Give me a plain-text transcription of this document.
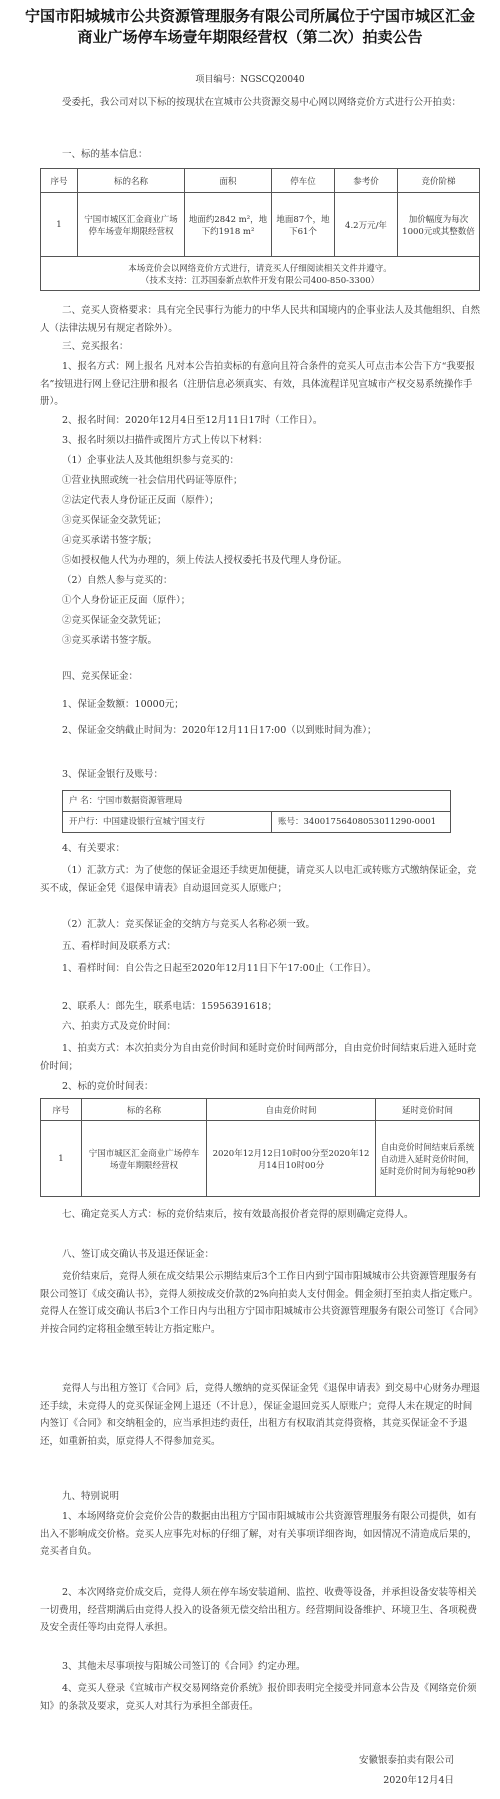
宁国市阳城城市公共资源管理服务有限公司所属位于宁国市城区汇金商业广场停车场壹年期限经营权（第二次）拍卖公告
项目编号：NGSCQ20040
受委托，我公司对以下标的按现状在宣城市公共资源交易中心网以网络竞价方式进行公开拍卖：
一、标的基本信息：
序号	标的名称	面积	停车位	参考价	竞价阶梯
1	宁国市城区汇金商业广场停车场壹年期限经营权	地面约2842 m²，地下约1918 m²	地面87个，地下61个	4.2万元/年	加价幅度为每次1000元或其整数倍

本场竞价会以网络竞价方式进行，请竞买人仔细阅读相关文件并遵守。
（技术支持：江苏国泰新点软件开发有限公司400-850-3300）					
二、竞买人资格要求：具有完全民事行为能力的中华人民共和国境内的企事业法人及其他组织、自然人（法律法规另有规定者除外）。
三、竞买报名：
1、报名方式：网上报名 凡对本公告拍卖标的有意向且符合条件的竞买人可点击本公告下方“我要报名”按钮进行网上登记注册和报名（注册信息必须真实、有效，具体流程详见宣城市产权交易系统操作手册）。
2、报名时间：2020年12月4日至12月11日17时（工作日）。
3、报名时须以扫描件或图片方式上传以下材料：
（1）企事业法人及其他组织参与竞买的：
①营业执照或统一社会信用代码证等原件；
②法定代表人身份证正反面（原件）；
③竞买保证金交款凭证；
④竞买承诺书签字版；
⑤如授权他人代为办理的，须上传法人授权委托书及代理人身份证。
（2）自然人参与竞买的：
①个人身份证正反面（原件）；
②竞买保证金交款凭证；
③竞买承诺书签字版。
四、竞买保证金：
1、保证金数额：10000元；
2、保证金交纳截止时间为：2020年12月11日17:00（以到账时间为准）；
3、保证金银行及账号：
户 名：宁国市数据资源管理局
开户行：中国建设银行宣城宁国支行	账号：34001756408053011290-0001
4、有关要求：
（1）汇款方式：为了使您的保证金退还手续更加便捷，请竞买人以电汇或转账方式缴纳保证金，竞买不成，保证金凭《退保申请表》自动退回竞买人原账户；
（2）汇款人：竞买保证金的交纳方与竞买人名称必须一致。
五、看样时间及联系方式：
1、看样时间：自公告之日起至2020年12月11日下午17:00止（工作日）。
2、联系人：郎先生，联系电话：15956391618；
六、拍卖方式及竞价时间：
1、拍卖方式：本次拍卖分为自由竞价时间和延时竞价时间两部分，自由竞价时间结束后进入延时竞价时间；
2、标的竞价时间表：
序号	标的名称	自由竞价时间	延时竞价时间
1	宁国市城区汇金商业广场停车场壹年期限经营权	2020年12月12日10时00分至2020年12月14日10时00分	自由竞价时间结束后系统自动进入延时竞价时间，延时竞价时间为每轮90秒
七、确定竞买人方式：标的竞价结束后，按有效最高报价者竞得的原则确定竞得人。
八、签订成交确认书及退还保证金：
竞价结束后，竞得人须在成交结果公示期结束后3个工作日内到宁国市阳城城市公共资源管理服务有限公司签订《成交确认书》，竞得人须按成交价款的2%向拍卖人支付佣金。佣金须打至拍卖人指定账户。竞得人在签订成交确认书后3个工作日内与出租方宁国市阳城城市公共资源管理服务有限公司签订《合同》并按合同约定将租金缴至转让方指定账户。
竞得人与出租方签订《合同》后，竞得人缴纳的竞买保证金凭《退保申请表》到交易中心财务办理退还手续，未竞得人的竞买保证金网上退还（不计息），保证金退回竞买人原账户；竞得人未在规定的时间内签订《合同》和交纳租金的，应当承担违约责任，出租方有权取消其竞得资格，其竞买保证金不予退还，如重新拍卖，原竞得人不得参加竞买。
九、特别说明
1、本场网络竞价会竞价公告的数据由出租方宁国市阳城城市公共资源管理服务有限公司提供，如有出入不影响成交价格。竞买人应事先对标的仔细了解，对有关事项详细咨询，如因情况不清造成后果的，竞买者自负。
2、本次网络竞价成交后，竞得人须在停车场安装道闸、监控、收费等设备，并承担设备安装等相关一切费用，经营期满后由竞得人投入的设备须无偿交给出租方。经营期间设备维护、环境卫生、各项税费及安全责任等均由竞得人承担。
3、其他未尽事项按与阳城公司签订的《合同》约定办理。
4、竞买人登录《宣城市产权交易网络竞价系统》报价即表明完全接受并同意本公告及《网络竞价须知》的条款及要求，竞买人对其行为承担全部责任。
安徽银泰拍卖有限公司
2020年12月4日
